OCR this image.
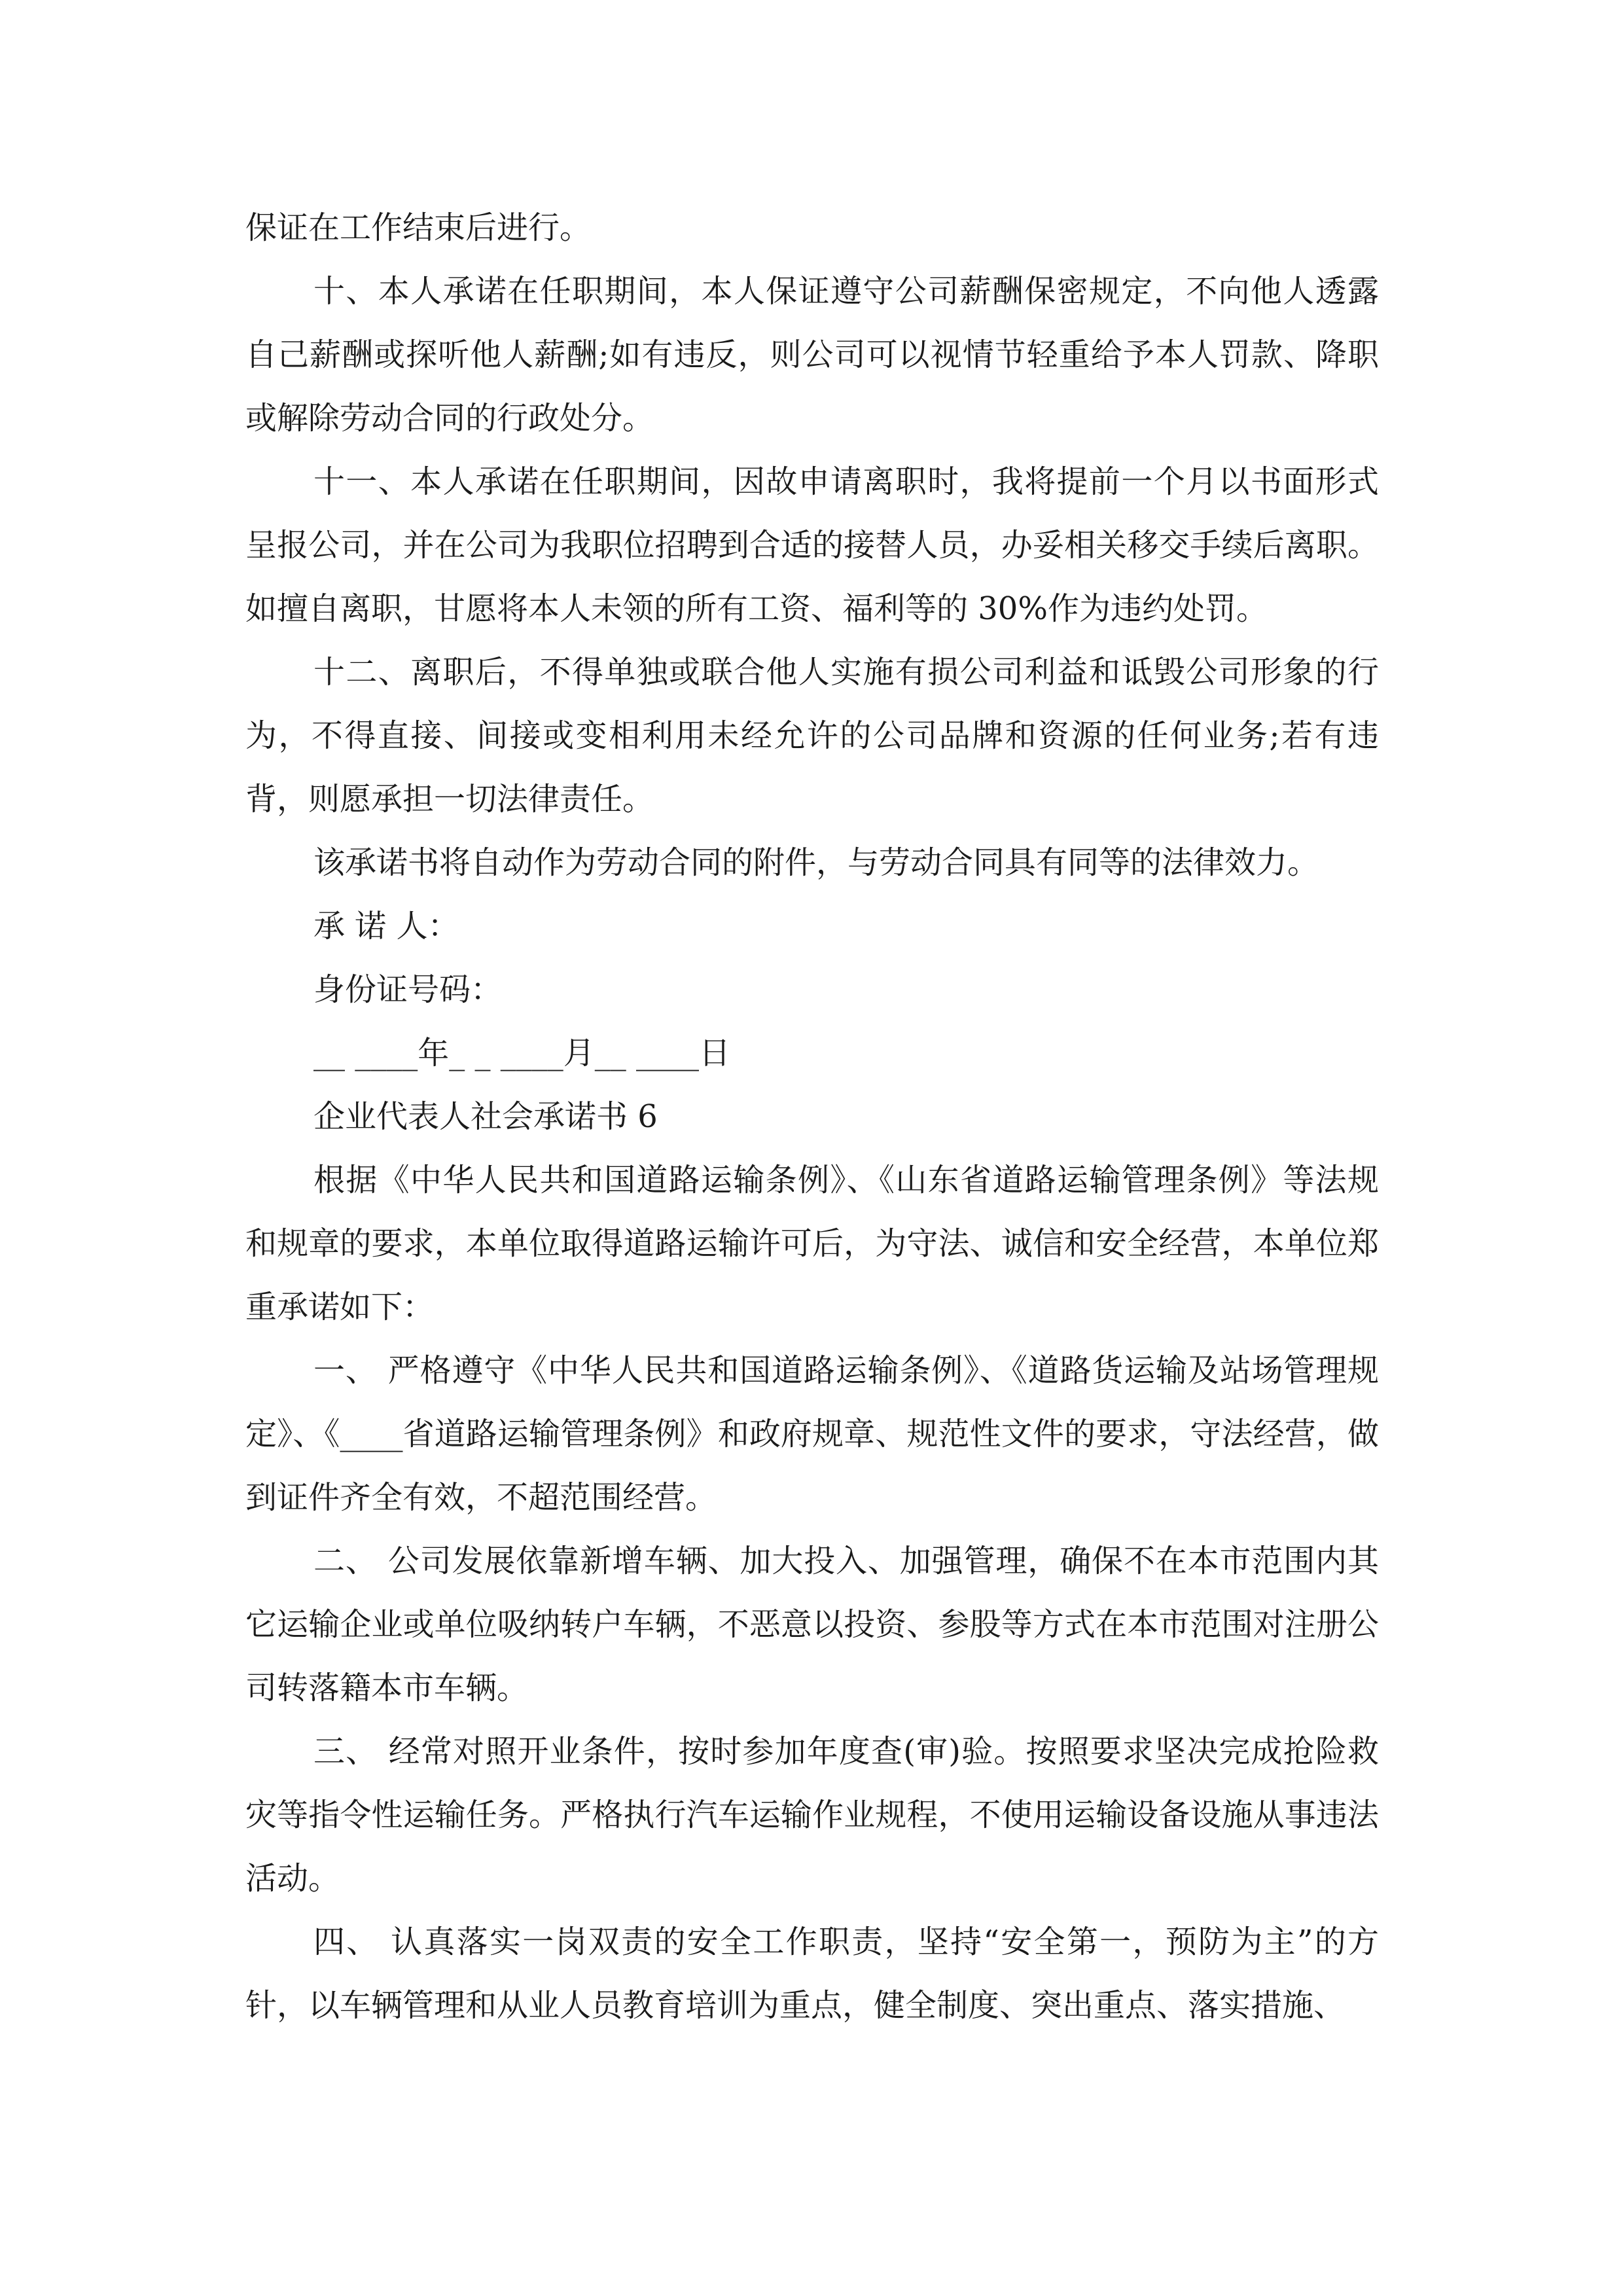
保证在工作结束后进行。

十、本人承诺在任职期间，本人保证遵守公司薪酬保密规定，不向他人透露自己薪酬或探听他人薪酬;如有违反，则公司可以视情节轻重给予本人罚款、降职或解除劳动合同的行政处分。

十一、本人承诺在任职期间，因故申请离职时，我将提前一个月以书面形式呈报公司，并在公司为我职位招聘到合适的接替人员，办妥相关移交手续后离职。如擅自离职，甘愿将本人未领的所有工资、福利等的 30%作为违约处罚。

十二、离职后，不得单独或联合他人实施有损公司利益和诋毁公司形象的行为，不得直接、间接或变相利用未经允许的公司品牌和资源的任何业务;若有违背，则愿承担一切法律责任。

该承诺书将自动作为劳动合同的附件，与劳动合同具有同等的法律效力。

承 诺 人：

身份证号码：

__ ____年_ _ ____月__ ____日

企业代表人社会承诺书 6

根据《中华人民共和国道路运输条例》、《山东省道路运输管理条例》等法规和规章的要求，本单位取得道路运输许可后，为守法、诚信和安全经营，本单位郑重承诺如下：

一、 严格遵守《中华人民共和国道路运输条例》、《道路货运输及站场管理规定》、《____省道路运输管理条例》和政府规章、规范性文件的要求，守法经营，做到证件齐全有效，不超范围经营。

二、 公司发展依靠新增车辆、加大投入、加强管理，确保不在本市范围内其它运输企业或单位吸纳转户车辆，不恶意以投资、参股等方式在本市范围对注册公司转落籍本市车辆。

三、 经常对照开业条件，按时参加年度查(审)验。按照要求坚决完成抢险救灾等指令性运输任务。严格执行汽车运输作业规程，不使用运输设备设施从事违法活动。

四、 认真落实一岗双责的安全工作职责，坚持“安全第一，预防为主”的方针，以车辆管理和从业人员教育培训为重点，健全制度、突出重点、落实措施、
